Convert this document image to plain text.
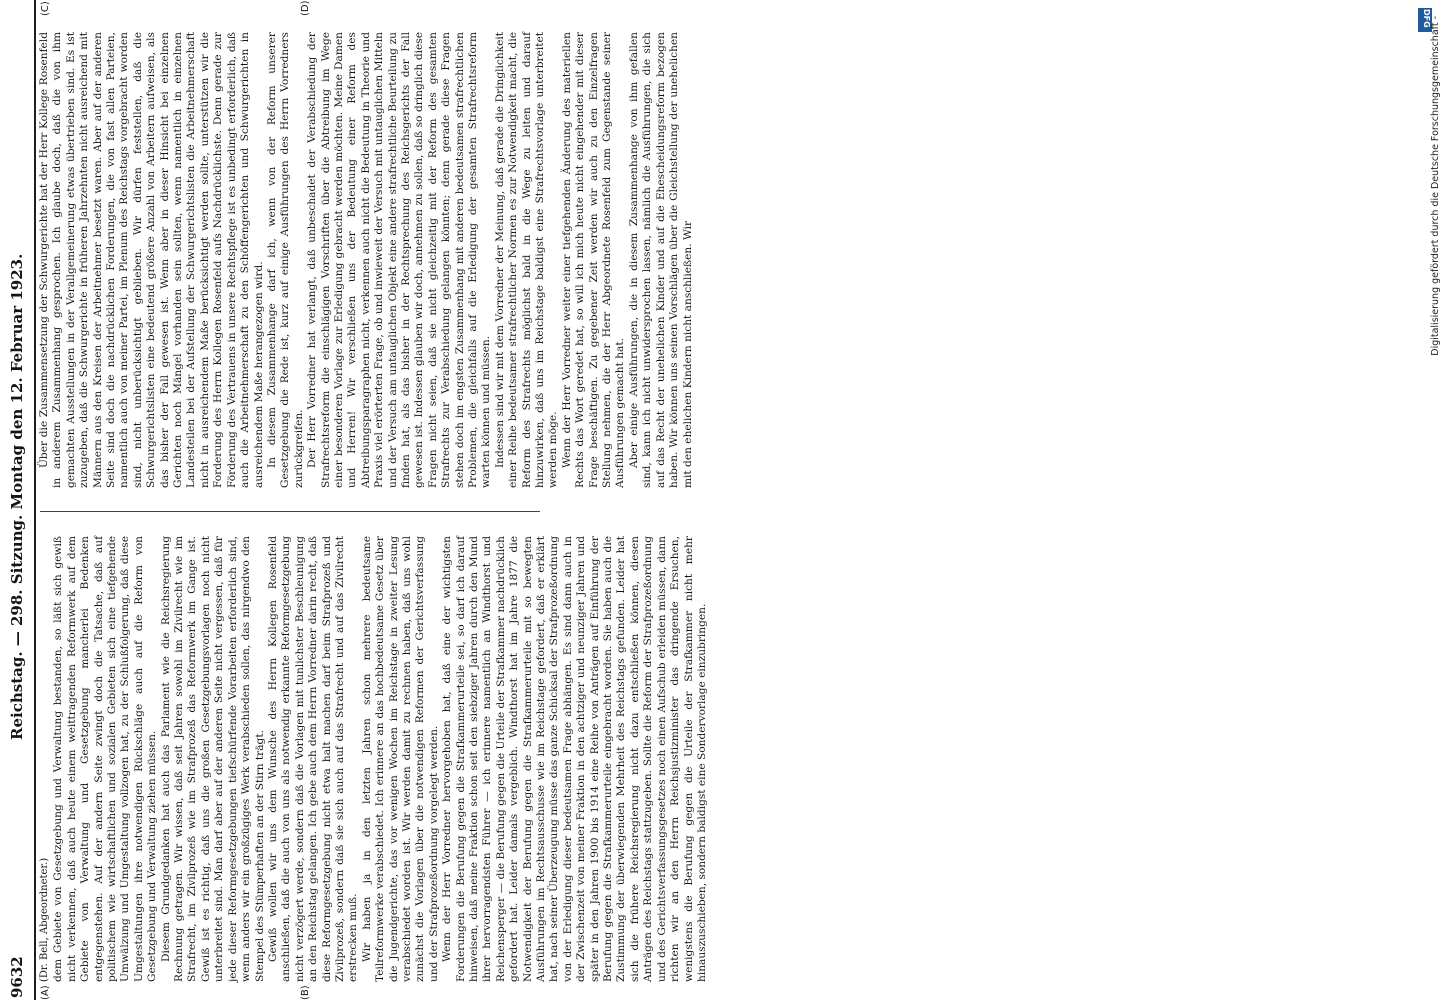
9632
Reichstag. — 298. Sitzung. Montag den 12. Februar 1923.
(A)	(B)
(C)	(D)
(Dr. Bell, Abgeordneter.) dem Gebiete von Gesetzgebung und Verwaltung bestanden, so läßt sich gewiß nicht verkennen, daß auch heute einem weittragenden Reformwerk auf dem Gebiete von Verwaltung und Gesetzgebung mancherlei Bedenken entgegenstehen. Auf der andern Seite zwingt doch die Tatsache, daß auf politischem wie wirtschaftlichen und sozialen Gebieten sich eine tiefgehende Umwälzung und Umgestaltung vollzogen hat, zu der Schlußfolgerung, daß diese Umgestaltungen ihre notwendigen Rückschläge auch auf die Reform von Gesetzgebung und Verwaltung ziehen müssen. Diesem Grundgedanken hat auch das Parlament wie die Reichsregierung Rechnung getragen. Wir wissen, daß seit Jahren sowohl im Zivilrecht wie im Strafrecht, im Zivilprozeß wie im Strafprozeß das Reformwerk im Gange ist. Gewiß ist es richtig, daß uns die großen Gesetzgebungsvorlagen noch nicht unterbreitet sind. Man darf aber auf der anderen Seite nicht vergessen, daß für jede dieser Reformgesetzgebungen tiefschürfende Vorarbeiten erforderlich sind, wenn anders wir ein großzügiges Werk verabschieden sollen, das nirgendwo den Stempel des Stümperhaften an der Stirn trägt. Gewiß wollen wir uns dem Wunsche des Herrn Kollegen Rosenfeld anschließen, daß die auch von uns als notwendig erkannte Reformgesetzgebung nicht verzögert werde, sondern daß die Vorlagen mit tunlichster Beschleunigung an den Reichstag gelangen. Ich gebe auch dem Herrn Vorredner darin recht, daß diese Reformgesetzgebung nicht etwa halt machen darf beim Strafprozeß und Zivilprozeß, sondern daß sie sich auch auf das Strafrecht und auf das Zivilrecht erstrecken muß. Wir haben ja in den letzten Jahren schon mehrere bedeutsame Teilreformwerke verabschiedet. Ich erinnere an das hochbedeutsame Gesetz über die Jugendgerichte, das vor wenigen Wochen im Reichstage in zweiter Lesung verabschiedet worden ist. Wir werden damit zu rechnen haben, daß uns wohl zunächst die Vorlagen über die notwendigen Reformen der Gerichtsverfassung und der Strafprozeßordnung vorgelegt werden. Wenn der Herr Vorredner hervorgehoben hat, daß eine der wichtigsten Forderungen die Berufung gegen die Strafkammerurteile sei, so darf ich darauf hinweisen, daß meine Fraktion schon seit den siebziger Jahren durch den Mund ihrer hervorragendsten Führer — ich erinnere namentlich an Windthorst und Reichensperger — die Berufung gegen die Urteile der Strafkammer nachdrücklich gefordert hat. Leider damals vergeblich. Windthorst hat im Jahre 1877 die Notwendigkeit der Berufung gegen die Strafkammerurteile mit so bewegten Ausführungen im Rechtsausschusse wie im Reichstage gefordert, daß er erklärt hat, nach seiner Überzeugung müsse das ganze Schicksal der Strafprozeßordnung von der Erledigung dieser bedeutsamen Frage abhängen. Es sind dann auch in der Zwischenzeit von meiner Fraktion in den achtziger und neunziger Jahren und später in den Jahren 1900 bis 1914 eine Reihe von Anträgen auf Einführung der Berufung gegen die Strafkammerurteile eingebracht worden. Sie haben auch die Zustimmung der überwiegenden Mehrheit des Reichstags gefunden. Leider hat sich die frühere Reichsregierung nicht dazu entschließen können, diesen Anträgen des Reichstags stattzugeben. Sollte die Reform der Strafprozeßordnung und des Gerichtsverfassungsgesetzes noch einen Aufschub erleiden müssen, dann richten wir an den Herrn Reichsjustizminister das dringende Ersuchen, wenigstens die Berufung gegen die Urteile der Strafkammer nicht mehr hinauszuschieben, sondern baldigst eine Sondervorlage einzubringen.

Über die Zusammensetzung der Schwurgerichte hat der Herr Kollege Rosenfeld in anderem Zusammenhang gesprochen. Ich glaube doch, daß die von ihm gemachten Ausstellungen in der Verallgemeinerung etwas übertrieben sind. Es ist zuzugeben, daß die Schwurgerichte in früheren Jahrzehnten nicht ausreichend mit Männern aus den Kreisen der Arbeitnehmer besetzt waren. Aber auf der anderen Seite sind doch die nachdrücklichen Forderungen, die von fast allen Parteien, namentlich auch von meiner Partei, im Plenum des Reichstags vorgebracht worden sind, nicht unberücksichtigt geblieben. Wir dürfen feststellen, daß die Schwurgerichtslisten eine bedeutend größere Anzahl von Arbeitern aufweisen, als das bisher der Fall gewesen ist. Wenn aber in dieser Hinsicht bei einzelnen Gerichten noch Mängel vorhanden sein sollten, wenn namentlich in einzelnen Landesteilen bei der Aufstellung der Schwurgerichtslisten die Arbeitnehmerschaft nicht in ausreichendem Maße berücksichtigt werden sollte, unterstützen wir die Forderung des Herrn Kollegen Rosenfeld aufs Nachdrücklichste. Denn gerade zur Förderung des Vertrauens in unsere Rechtspflege ist es unbedingt erforderlich, daß auch die Arbeitnehmerschaft zu den Schöffengerichten und Schwurgerichten in ausreichendem Maße herangezogen wird. In diesem Zusammenhange darf ich, wenn von der Reform unserer Gesetzgebung die Rede ist, kurz auf einige Ausführungen des Herrn Vorredners zurückgreifen. Der Herr Vorredner hat verlangt, daß unbeschadet der Verabschiedung der Strafrechtsreform die einschlägigen Vorschriften über die Abtreibung im Wege einer besonderen Vorlage zur Erledigung gebracht werden möchten. Meine Damen und Herren! Wir verschließen uns der Bedeutung einer Reform des Abtreibungsparagraphen nicht, verkennen auch nicht die Bedeutung in Theorie und Praxis viel erörterten Frage, ob und inwieweit der Versuch mit untauglichen Mitteln und der Versuch am untauglichen Objekt eine andere strafrechtliche Beurteilung zu finden hat, als das bisher in der Rechtsprechung des Reichsgerichts der Fall gewesen ist. Indessen glauben wir doch, annehmen zu sollen, daß so dringlich diese Fragen nicht seien, daß sie nicht gleichzeitig mit der Reform des gesamten Strafrechts zur Verabschiedung gelangen könnten; denn gerade diese Fragen stehen doch im engsten Zusammenhang mit anderen bedeutsamen strafrechtlichen Problemen, die gleichfalls auf die Erledigung der gesamten Strafrechtsreform warten können und müssen. Indessen sind wir mit dem Vorredner der Meinung, daß gerade die Dringlichkeit einer Reihe bedeutsamer strafrechtlicher Normen es zur Notwendigkeit macht, die Reform des Strafrechts möglichst bald in die Wege zu leiten und darauf hinzuwirken, daß uns im Reichstage baldigst eine Strafrechtsvorlage unterbreitet werden möge. Wenn der Herr Vorredner weiter einer tiefgehenden Änderung des materiellen Rechts das Wort geredet hat, so will ich mich heute nicht eingehender mit dieser Frage beschäftigen. Zu gegebener Zeit werden wir auch zu den Einzelfragen Stellung nehmen, die der Herr Abgeordnete Rosenfeld zum Gegenstande seiner Ausführungen gemacht hat. Aber einige Ausführungen, die in diesem Zusammenhange von ihm gefallen sind, kann ich nicht unwidersprochen lassen, nämlich die Ausführungen, die sich auf das Recht der unehelichen Kinder und auf die Ehescheidungsreform bezogen haben. Wir können uns seinen Vorschlägen über die Gleichstellung der unehelichen mit den ehelichen Kindern nicht anschließen. Wir

DFG Digitalisierung gefördert durch die Deutsche Forschungsgemeinschaft -
